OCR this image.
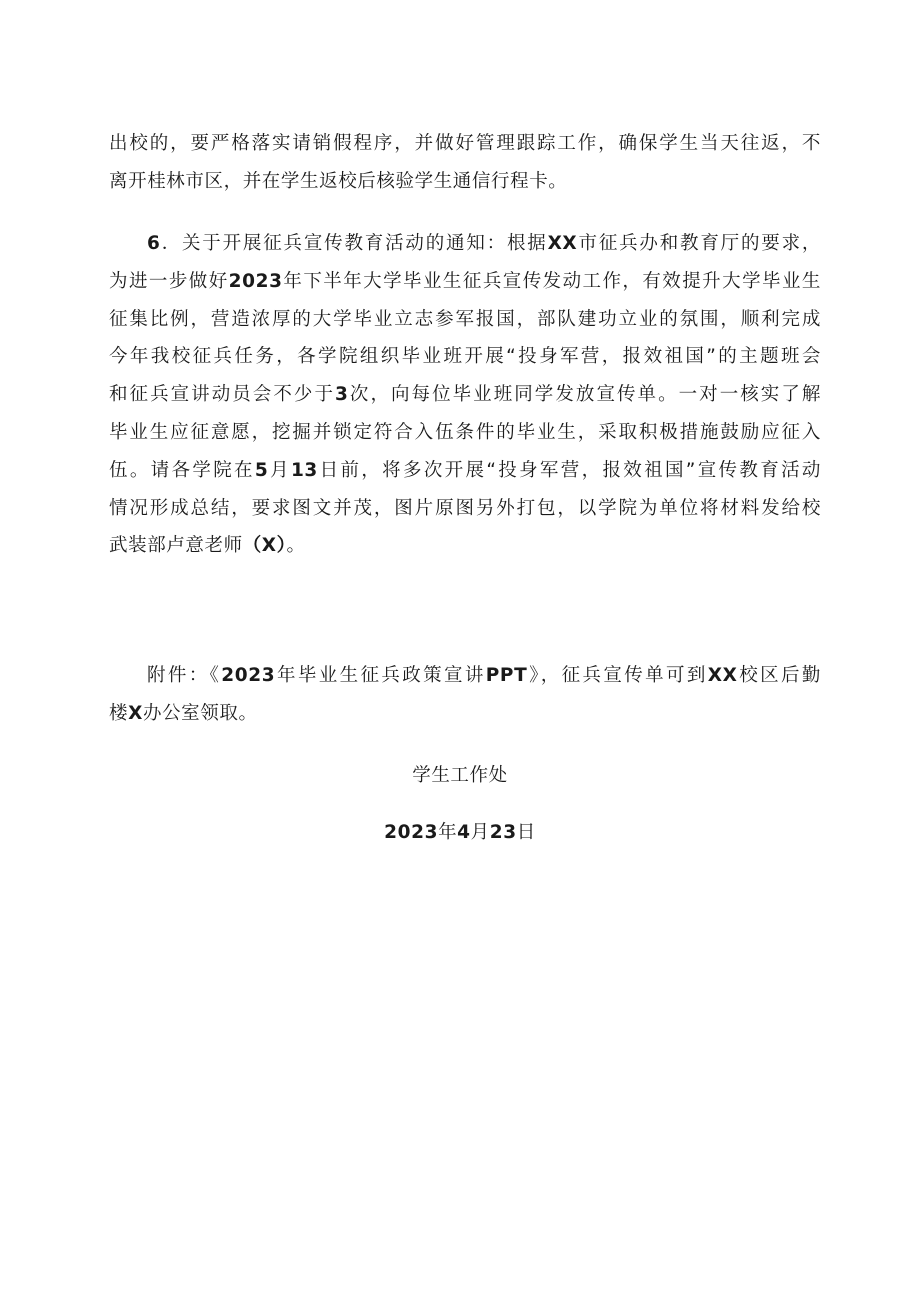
出校的，要严格落实请销假程序，并做好管理跟踪工作，确保学生当天往返，不
离开桂林市区，并在学生返校后核验学生通信行程卡。
6．关于开展征兵宣传教育活动的通知：根据XX市征兵办和教育厅的要求，
为进一步做好2023年下半年大学毕业生征兵宣传发动工作，有效提升大学毕业生
征集比例，营造浓厚的大学毕业立志参军报国，部队建功立业的氛围，顺利完成
今年我校征兵任务，各学院组织毕业班开展“投身军营，报效祖国”的主题班会
和征兵宣讲动员会不少于3次，向每位毕业班同学发放宣传单。一对一核实了解
毕业生应征意愿，挖掘并锁定符合入伍条件的毕业生，采取积极措施鼓励应征入
伍。请各学院在5月13日前，将多次开展“投身军营，报效祖国”宣传教育活动
情况形成总结，要求图文并茂，图片原图另外打包，以学院为单位将材料发给校
武装部卢意老师（X）。
附件：《2023年毕业生征兵政策宣讲PPT》，征兵宣传单可到XX校区后勤
楼X办公室领取。
学生工作处
2023年4月23日
